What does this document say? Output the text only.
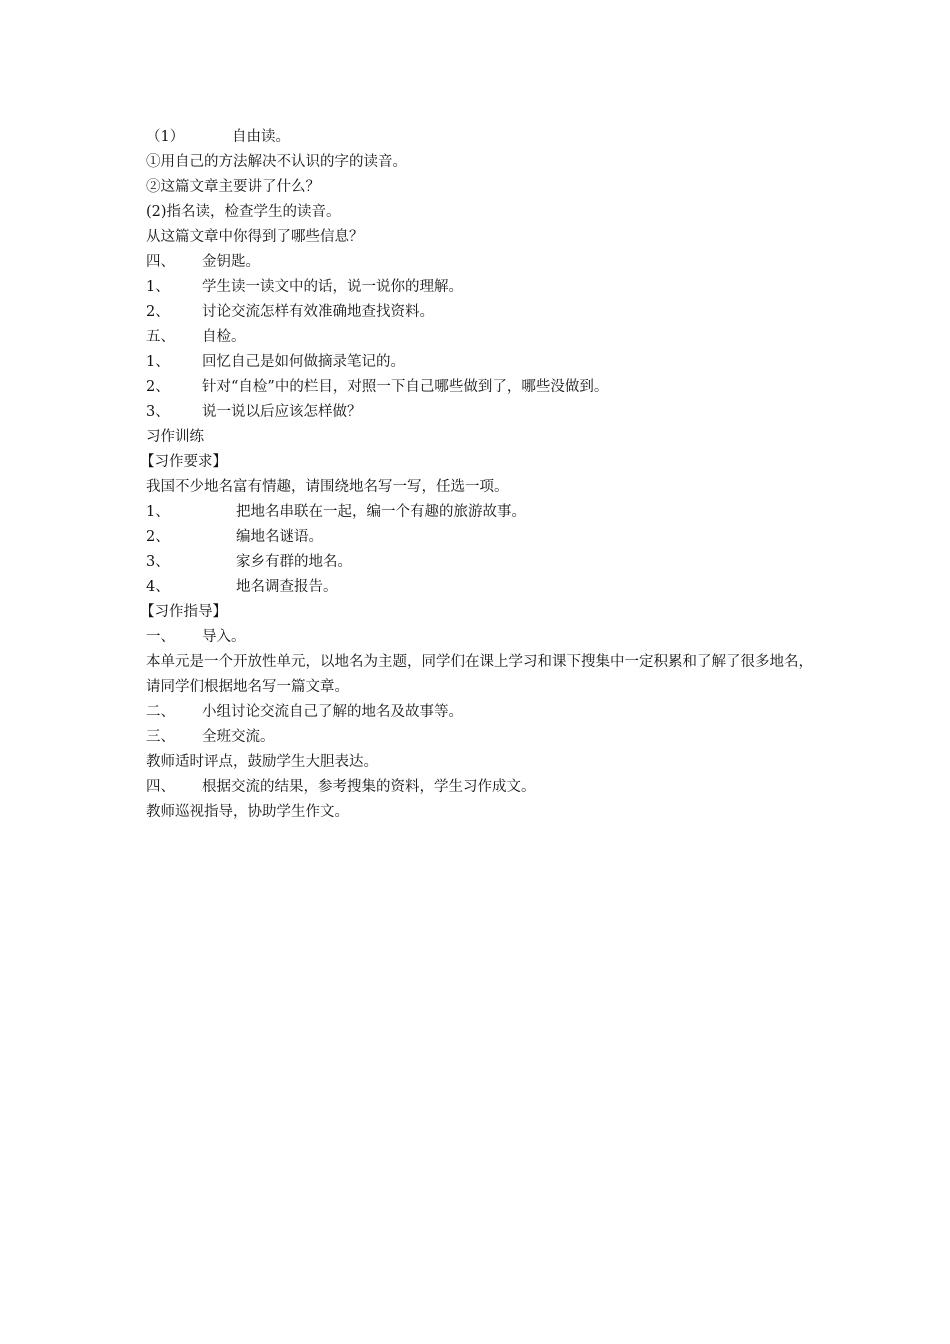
（1）	自由读。
①用自己的方法解决不认识的字的读音。
②这篇文章主要讲了什么？
(2)指名读，检查学生的读音。
从这篇文章中你得到了哪些信息？
四、 金钥匙。
1、 学生读一读文中的话，说一说你的理解。
2、 讨论交流怎样有效准确地查找资料。
五、 自检。
1、 回忆自己是如何做摘录笔记的。
2、 针对“自检”中的栏目，对照一下自己哪些做到了，哪些没做到。
3、 说一说以后应该怎样做？
习作训练
【习作要求】
我国不少地名富有情趣，请围绕地名写一写，任选一项。
1、	把地名串联在一起，编一个有趣的旅游故事。
2、	编地名谜语。
3、	家乡有群的地名。
4、	地名调查报告。
【习作指导】
一、 导入。
本单元是一个开放性单元，以地名为主题，同学们在课上学习和课下搜集中一定积累和了解了很多地名，请同学们根据地名写一篇文章。
二、 小组讨论交流自己了解的地名及故事等。
三、 全班交流。
教师适时评点，鼓励学生大胆表达。
四、 根据交流的结果，参考搜集的资料，学生习作成文。
教师巡视指导，协助学生作文。
